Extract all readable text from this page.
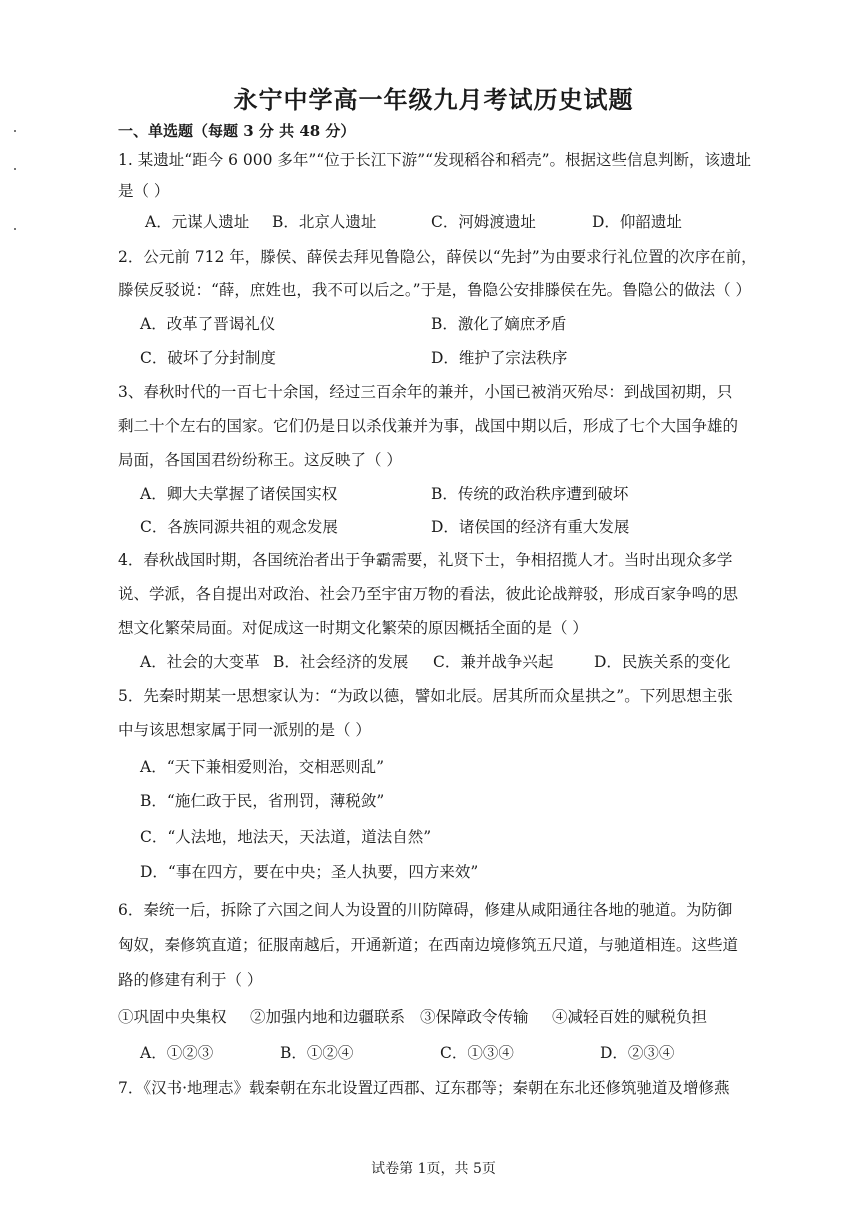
永宁中学高一年级九月考试历史试题
一、单选题（每题 3 分 共 48 分）
1. 某遗址“距今 6 000 多年”“位于长江下游”“发现稻谷和稻壳”。根据这些信息判断，该遗址
是（ ）
A．元谋人遗址 B．北京人遗址	C．河姆渡遗址	D．仰韶遗址
2．公元前 712 年，滕侯、薛侯去拜见鲁隐公，薛侯以“先封”为由要求行礼位置的次序在前，
滕侯反驳说：“薛，庶姓也，我不可以后之。”于是，鲁隐公安排滕侯在先。鲁隐公的做法（ ）
A．改革了晋谒礼仪	B．激化了嫡庶矛盾
C．破坏了分封制度	D．维护了宗法秩序
3、春秋时代的一百七十余国，经过三百余年的兼并，小国已被消灭殆尽：到战国初期，只
剩二十个左右的国家。它们仍是日以杀伐兼并为事，战国中期以后，形成了七个大国争雄的
局面，各国国君纷纷称王。这反映了（ ）
A．卿大夫掌握了诸侯国实权	B．传统的政治秩序遭到破坏
C．各族同源共祖的观念发展	D．诸侯国的经济有重大发展
4．春秋战国时期，各国统治者出于争霸需要，礼贤下士，争相招揽人才。当时出现众多学
说、学派，各自提出对政治、社会乃至宇宙万物的看法，彼此论战辩驳，形成百家争鸣的思
想文化繁荣局面。对促成这一时期文化繁荣的原因概括全面的是（ ）
A．社会的大变革 B．社会经济的发展 C．兼并战争兴起	D．民族关系的变化
5．先秦时期某一思想家认为：“为政以德，譬如北辰。居其所而众星拱之”。下列思想主张
中与该思想家属于同一派别的是（ ）
A．“天下兼相爱则治，交相恶则乱”
B．“施仁政于民，省刑罚，薄税敛”
C．“人法地，地法天，天法道，道法自然”
D．“事在四方，要在中央；圣人执要，四方来效”
6．秦统一后，拆除了六国之间人为设置的川防障碍，修建从咸阳通往各地的驰道。为防御
匈奴，秦修筑直道；征服南越后，开通新道；在西南边境修筑五尺道，与驰道相连。这些道
路的修建有利于（ ）
①巩固中央集权 ②加强内地和边疆联系 ③保障政令传输 ④减轻百姓的赋税负担
A．①②③	B．①②④	C．①③④	D．②③④
7．《汉书·地理志》载秦朝在东北设置辽西郡、辽东郡等；秦朝在东北还修筑驰道及增修燕
试卷第 1页，共 5页
